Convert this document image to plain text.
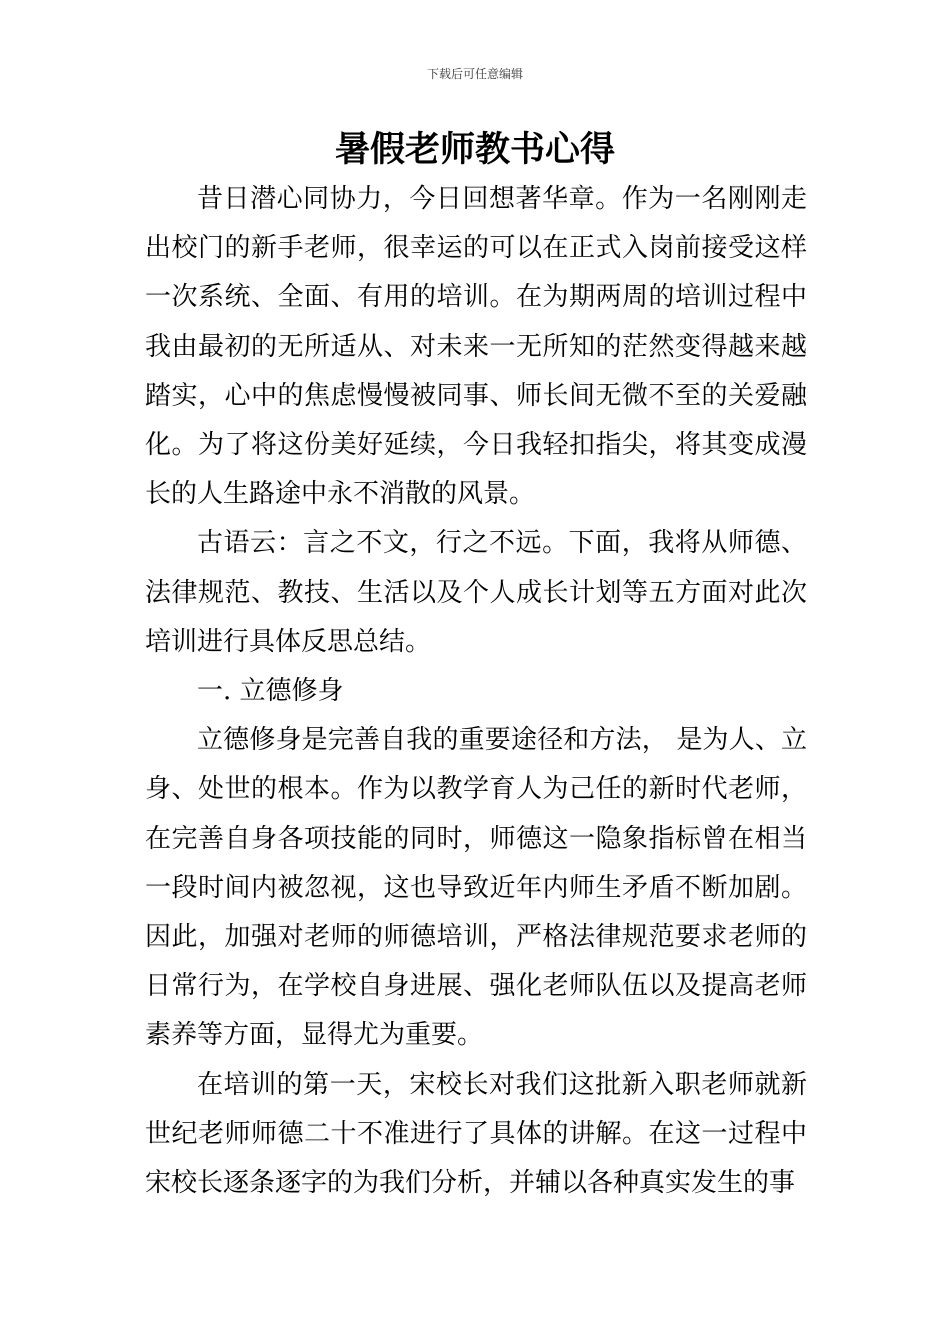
下载后可任意编辑
暑假老师教书心得

昔日潜心同协力，今日回想著华章。作为一名刚刚走出校门的新手老师，很幸运的可以在正式入岗前接受这样一次系统、全面、有用的培训。在为期两周的培训过程中我由最初的无所适从、对未来一无所知的茫然变得越来越踏实，心中的焦虑慢慢被同事、师长间无微不至的关爱融化。为了将这份美好延续，今日我轻扣指尖，将其变成漫长的人生路途中永不消散的风景。

古语云：言之不文，行之不远。下面，我将从师德、法律规范、教技、生活以及个人成长计划等五方面对此次培训进行具体反思总结。

一. 立德修身

立德修身是完善自我的重要途径和方法， 是为人、立身、处世的根本。作为以教学育人为己任的新时代老师，在完善自身各项技能的同时，师德这一隐象指标曾在相当一段时间内被忽视，这也导致近年内师生矛盾不断加剧。因此，加强对老师的师德培训，严格法律规范要求老师的日常行为，在学校自身进展、强化老师队伍以及提高老师素养等方面，显得尤为重要。

在培训的第一天，宋校长对我们这批新入职老师就新世纪老师师德二十不准进行了具体的讲解。在这一过程中宋校长逐条逐字的为我们分析，并辅以各种真实发生的事
